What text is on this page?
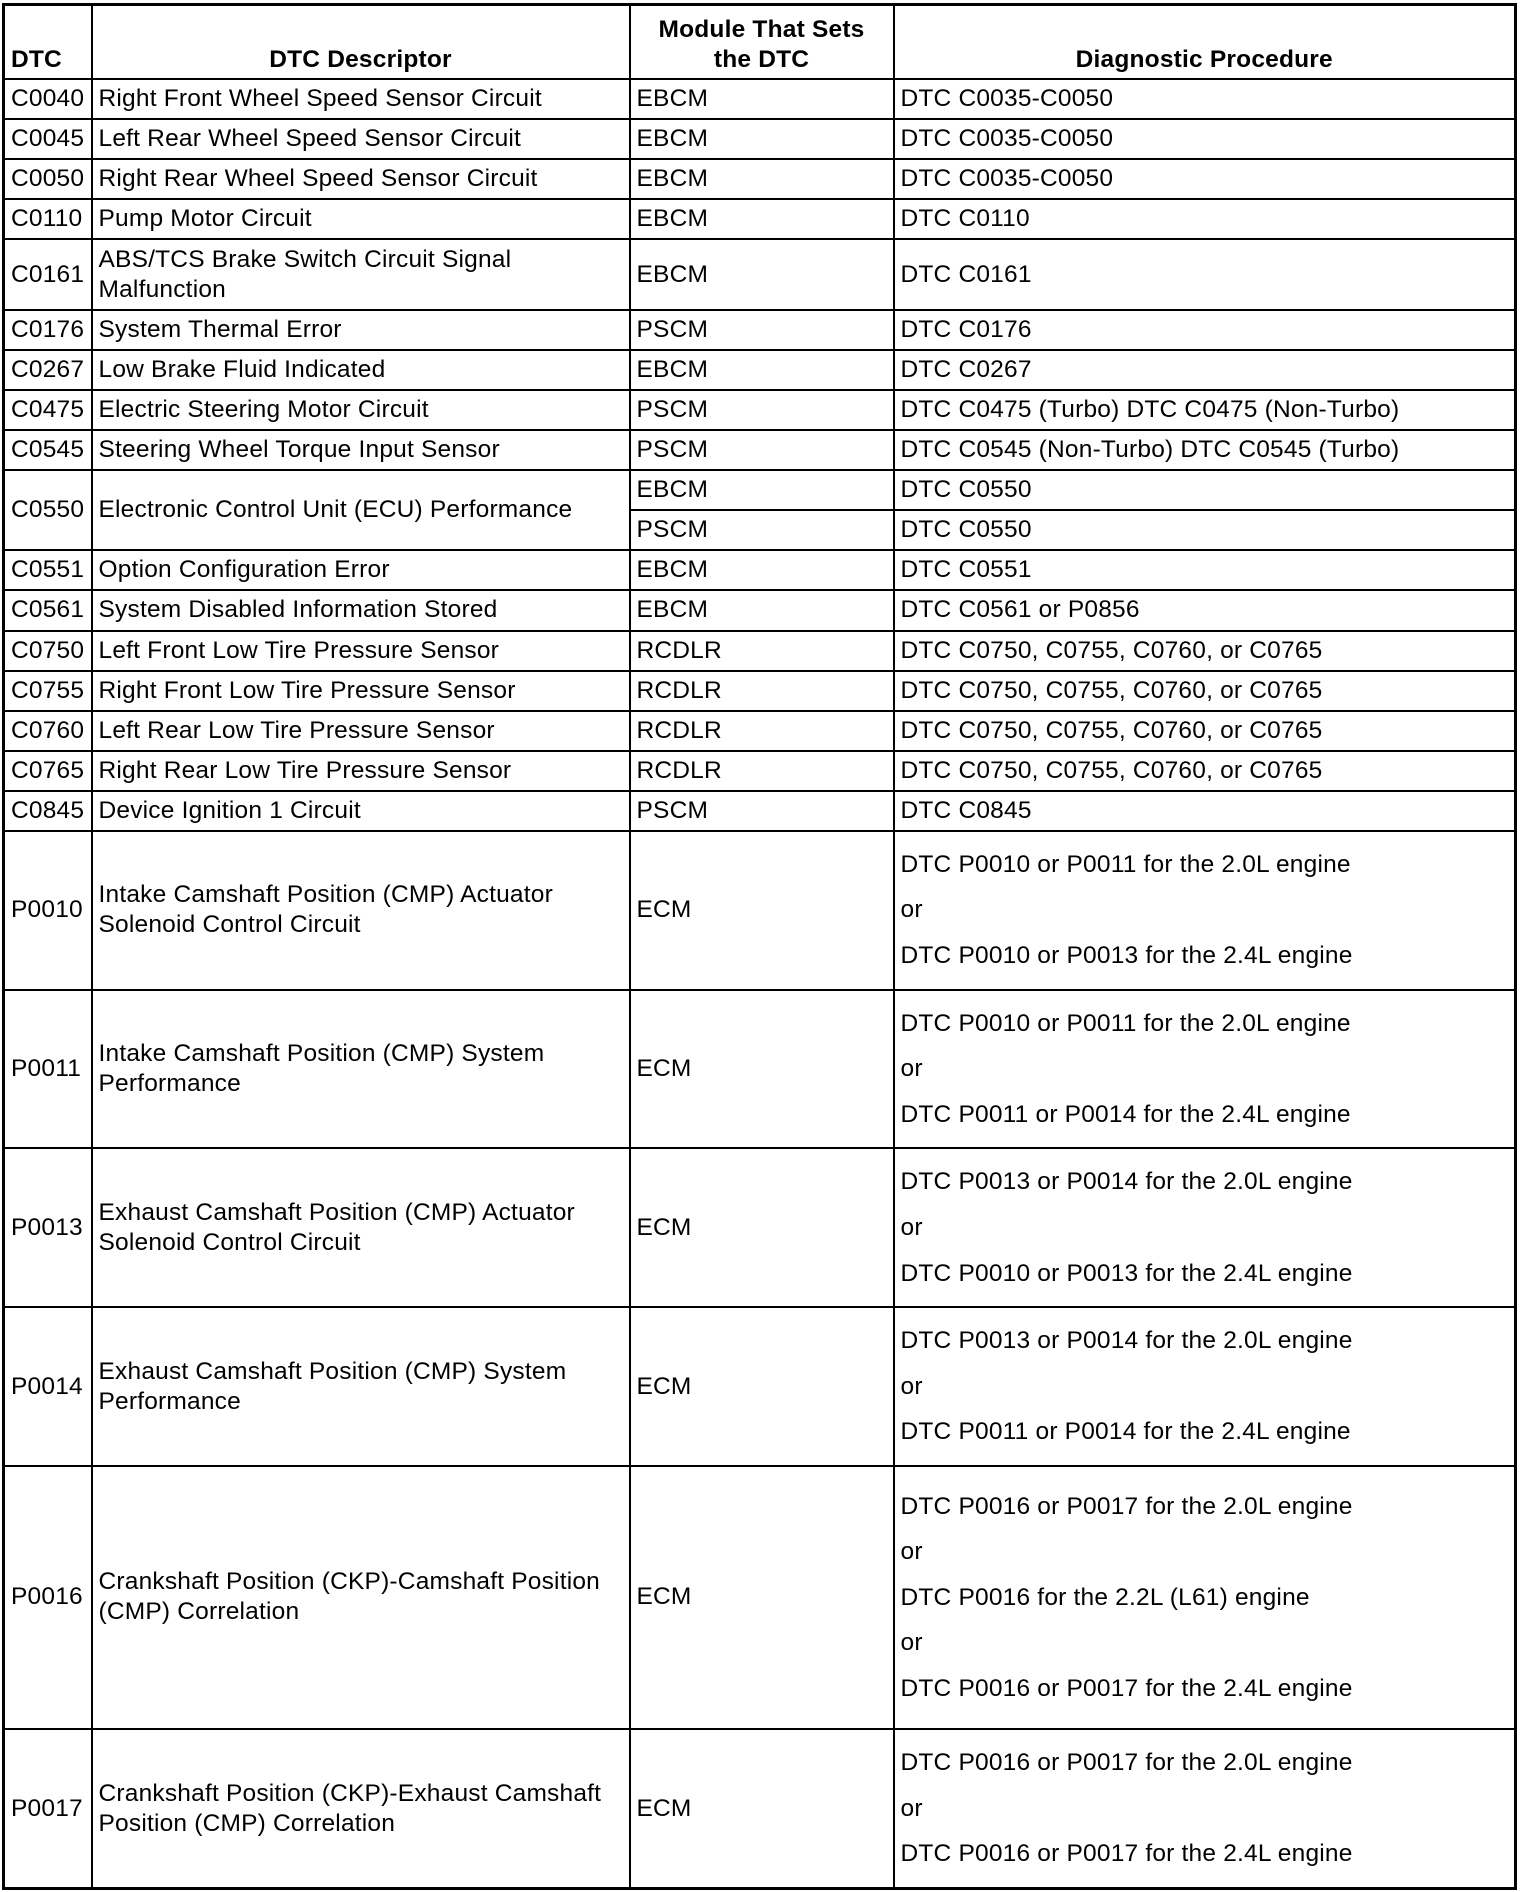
DTC	DTC Descriptor	Module That Sets the DTC	Diagnostic Procedure
C0040	Right Front Wheel Speed Sensor Circuit	EBCM	DTC C0035-C0050
C0045	Left Rear Wheel Speed Sensor Circuit	EBCM	DTC C0035-C0050
C0050	Right Rear Wheel Speed Sensor Circuit	EBCM	DTC C0035-C0050
C0110	Pump Motor Circuit	EBCM	DTC C0110
C0161	ABS/TCS Brake Switch Circuit Signal Malfunction	EBCM	DTC C0161
C0176	System Thermal Error	PSCM	DTC C0176
C0267	Low Brake Fluid Indicated	EBCM	DTC C0267
C0475	Electric Steering Motor Circuit	PSCM	DTC C0475 (Turbo) DTC C0475 (Non-Turbo)
C0545	Steering Wheel Torque Input Sensor	PSCM	DTC C0545 (Non-Turbo) DTC C0545 (Turbo)
C0550	Electronic Control Unit (ECU) Performance	EBCM	DTC C0550
		PSCM	DTC C0550
C0551	Option Configuration Error	EBCM	DTC C0551
C0561	System Disabled Information Stored	EBCM	DTC C0561 or P0856
C0750	Left Front Low Tire Pressure Sensor	RCDLR	DTC C0750, C0755, C0760, or C0765
C0755	Right Front Low Tire Pressure Sensor	RCDLR	DTC C0750, C0755, C0760, or C0765
C0760	Left Rear Low Tire Pressure Sensor	RCDLR	DTC C0750, C0755, C0760, or C0765
C0765	Right Rear Low Tire Pressure Sensor	RCDLR	DTC C0750, C0755, C0760, or C0765
C0845	Device Ignition 1 Circuit	PSCM	DTC C0845
P0010	Intake Camshaft Position (CMP) Actuator Solenoid Control Circuit	ECM	DTC P0010 or P0011 for the 2.0L engine
or
DTC P0010 or P0013 for the 2.4L engine

P0011	Intake Camshaft Position (CMP) System Performance	ECM	DTC P0010 or P0011 for the 2.0L engine
or
DTC P0011 or P0014 for the 2.4L engine

P0013	Exhaust Camshaft Position (CMP) Actuator Solenoid Control Circuit	ECM	DTC P0013 or P0014 for the 2.0L engine
or
DTC P0010 or P0013 for the 2.4L engine

P0014	Exhaust Camshaft Position (CMP) System Performance	ECM	DTC P0013 or P0014 for the 2.0L engine
or
DTC P0011 or P0014 for the 2.4L engine

P0016	Crankshaft Position (CKP)-Camshaft Position (CMP) Correlation	ECM	DTC P0016 or P0017 for the 2.0L engine
or
DTC P0016 for the 2.2L (L61) engine
or
DTC P0016 or P0017 for the 2.4L engine

P0017	Crankshaft Position (CKP)-Exhaust Camshaft Position (CMP) Correlation	ECM	DTC P0016 or P0017 for the 2.0L engine
or
DTC P0016 or P0017 for the 2.4L engine
